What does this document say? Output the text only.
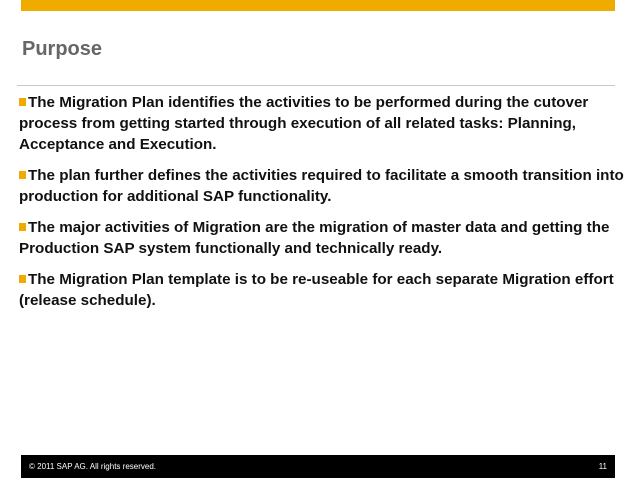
Purpose
The Migration Plan identifies the activities to be performed during the cutover process from getting started through execution of all related tasks: Planning, Acceptance and Execution.
The plan further defines the activities required to facilitate a smooth transition into production for additional SAP functionality.
The major activities of Migration are the migration of master data and getting the Production SAP system functionally and technically ready.
The Migration Plan template is to be re-useable for each separate Migration effort (release schedule).
© 2011 SAP AG. All rights reserved.	11
